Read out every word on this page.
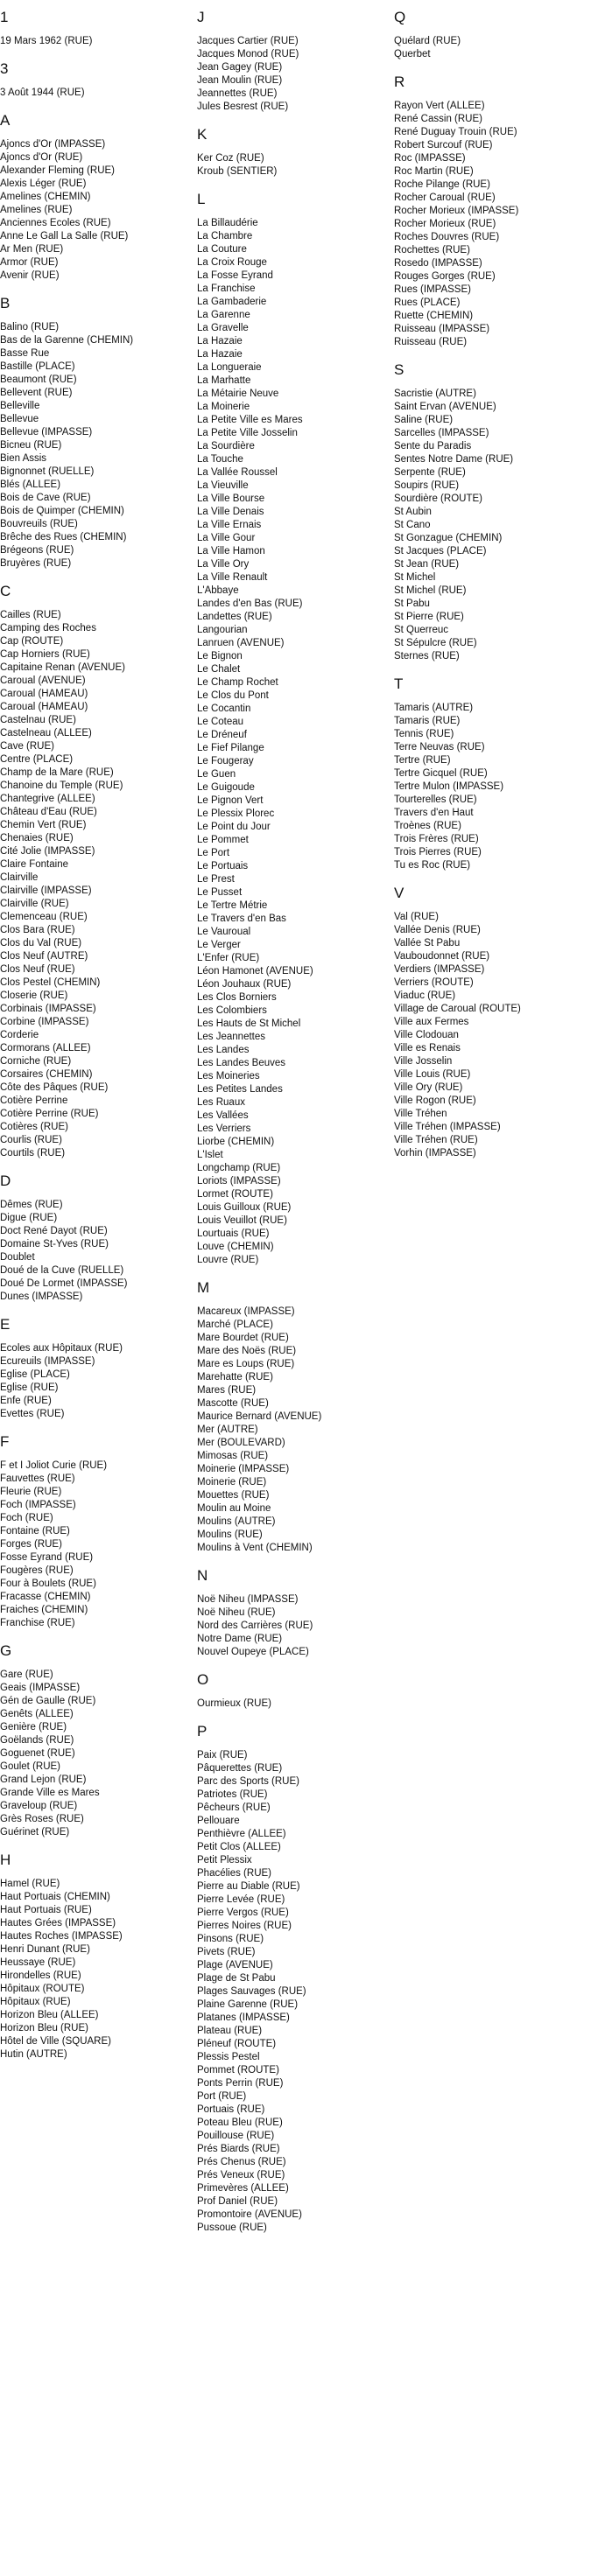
1
19 Mars 1962 (RUE)
3
3 Août 1944 (RUE)
A
Ajoncs d'Or (IMPASSE)
Ajoncs d'Or (RUE)
Alexander Fleming (RUE)
Alexis Léger (RUE)
Amelines (CHEMIN)
Amelines (RUE)
Anciennes Ecoles (RUE)
Anne Le Gall La Salle (RUE)
Ar Men (RUE)
Armor (RUE)
Avenir (RUE)
B
Balino (RUE)
Bas de la Garenne (CHEMIN)
Basse Rue
Bastille (PLACE)
Beaumont (RUE)
Bellevent (RUE)
Belleville
Bellevue
Bellevue (IMPASSE)
Bicneu (RUE)
Bien Assis
Bignonnet (RUELLE)
Blés (ALLEE)
Bois de Cave (RUE)
Bois de Quimper (CHEMIN)
Bouvreuils (RUE)
Brêche des Rues (CHEMIN)
Brégeons (RUE)
Bruyères (RUE)
C
Cailles (RUE)
Camping des Roches
Cap (ROUTE)
Cap Horniers (RUE)
Capitaine Renan (AVENUE)
Caroual (AVENUE)
Caroual (HAMEAU)
Caroual (HAMEAU)
Castelnau (RUE)
Castelneau (ALLEE)
Cave (RUE)
Centre (PLACE)
Champ de la Mare (RUE)
Chanoine du Temple (RUE)
Chantegrive (ALLEE)
Château d'Eau (RUE)
Chemin Vert (RUE)
Chenaies (RUE)
Cité Jolie (IMPASSE)
Claire Fontaine
Clairville
Clairville (IMPASSE)
Clairville (RUE)
Clemenceau (RUE)
Clos Bara (RUE)
Clos du Val (RUE)
Clos Neuf (AUTRE)
Clos Neuf (RUE)
Clos Pestel (CHEMIN)
Closerie (RUE)
Corbinais (IMPASSE)
Corbine (IMPASSE)
Corderie
Cormorans (ALLEE)
Corniche (RUE)
Corsaires (CHEMIN)
Côte des Pâques (RUE)
Cotière Perrine
Cotière Perrine (RUE)
Cotières (RUE)
Courlis (RUE)
Courtils (RUE)
D
Dêmes (RUE)
Digue (RUE)
Doct René Dayot (RUE)
Domaine St-Yves (RUE)
Doublet
Doué de la Cuve (RUELLE)
Doué De Lormet (IMPASSE)
Dunes (IMPASSE)
E
Ecoles aux Hôpitaux (RUE)
Ecureuils (IMPASSE)
Eglise (PLACE)
Eglise (RUE)
Enfe (RUE)
Evettes (RUE)
F
F et I Joliot Curie (RUE)
Fauvettes (RUE)
Fleurie (RUE)
Foch (IMPASSE)
Foch (RUE)
Fontaine (RUE)
Forges (RUE)
Fosse Eyrand (RUE)
Fougères (RUE)
Four à Boulets (RUE)
Fracasse (CHEMIN)
Fraiches (CHEMIN)
Franchise (RUE)
G
Gare (RUE)
Geais (IMPASSE)
Gén de Gaulle (RUE)
Genêts (ALLEE)
Genière (RUE)
Goëlands (RUE)
Goguenet (RUE)
Goulet (RUE)
Grand Lejon (RUE)
Grande Ville es Mares
Graveloup (RUE)
Grès Roses (RUE)
Guérinet (RUE)
H
Hamel (RUE)
Haut Portuais (CHEMIN)
Haut Portuais (RUE)
Hautes Grées (IMPASSE)
Hautes Roches (IMPASSE)
Henri Dunant (RUE)
Heussaye (RUE)
Hirondelles (RUE)
Hôpitaux (ROUTE)
Hôpitaux (RUE)
Horizon Bleu (ALLEE)
Horizon Bleu (RUE)
Hôtel de Ville (SQUARE)
Hutin (AUTRE)
J
Jacques Cartier (RUE)
Jacques Monod (RUE)
Jean Gagey (RUE)
Jean Moulin (RUE)
Jeannettes (RUE)
Jules Besrest (RUE)
K
Ker Coz (RUE)
Kroub (SENTIER)
L
La Billaudérie
La Chambre
La Couture
La Croix Rouge
La Fosse Eyrand
La Franchise
La Gambaderie
La Garenne
La Gravelle
La Hazaie
La Hazaie
La Longueraie
La Marhatte
La Métairie Neuve
La Moinerie
La Petite Ville es Mares
La Petite Ville Josselin
La Sourdière
La Touche
La Vallée Roussel
La Vieuville
La Ville Bourse
La Ville Denais
La Ville Ernais
La Ville Gour
La Ville Hamon
La Ville Ory
La Ville Renault
L'Abbaye
Landes d'en Bas (RUE)
Landettes (RUE)
Langourian
Lanruen (AVENUE)
Le Bignon
Le Chalet
Le Champ Rochet
Le Clos du Pont
Le Cocantin
Le Coteau
Le Dréneuf
Le Fief Pilange
Le Fougeray
Le Guen
Le Guigoude
Le Pignon Vert
Le Plessix Plorec
Le Point du Jour
Le Pommet
Le Port
Le Portuais
Le Prest
Le Pusset
Le Tertre Métrie
Le Travers d'en Bas
Le Vauroual
Le Verger
L'Enfer (RUE)
Léon Hamonet (AVENUE)
Léon Jouhaux (RUE)
Les Clos Borniers
Les Colombiers
Les Hauts de St Michel
Les Jeannettes
Les Landes
Les Landes Beuves
Les Moineries
Les Petites Landes
Les Ruaux
Les Vallées
Les Verriers
Liorbe (CHEMIN)
L'Islet
Longchamp (RUE)
Loriots (IMPASSE)
Lormet (ROUTE)
Louis Guilloux (RUE)
Louis Veuillot (RUE)
Lourtuais (RUE)
Louve (CHEMIN)
Louvre (RUE)
M
Macareux (IMPASSE)
Marché (PLACE)
Mare Bourdet (RUE)
Mare des Noës (RUE)
Mare es Loups (RUE)
Marehatte (RUE)
Mares (RUE)
Mascotte (RUE)
Maurice Bernard (AVENUE)
Mer (AUTRE)
Mer (BOULEVARD)
Mimosas (RUE)
Moinerie (IMPASSE)
Moinerie (RUE)
Mouettes (RUE)
Moulin au Moine
Moulins (AUTRE)
Moulins (RUE)
Moulins à Vent (CHEMIN)
N
Noë Niheu (IMPASSE)
Noë Niheu (RUE)
Nord des Carrières (RUE)
Notre Dame (RUE)
Nouvel Oupeye (PLACE)
O
Ourmieux (RUE)
P
Paix (RUE)
Pâquerettes (RUE)
Parc des Sports (RUE)
Patriotes (RUE)
Pêcheurs (RUE)
Pellouare
Penthièvre (ALLEE)
Petit Clos (ALLEE)
Petit Plessix
Phacélies (RUE)
Pierre au Diable (RUE)
Pierre Levée (RUE)
Pierre Vergos (RUE)
Pierres Noires (RUE)
Pinsons (RUE)
Pivets (RUE)
Plage (AVENUE)
Plage de St Pabu
Plages Sauvages (RUE)
Plaine Garenne (RUE)
Platanes (IMPASSE)
Plateau (RUE)
Pléneuf (ROUTE)
Plessis Pestel
Pommet (ROUTE)
Ponts Perrin (RUE)
Port (RUE)
Portuais (RUE)
Poteau Bleu (RUE)
Pouillouse (RUE)
Prés Biards (RUE)
Prés Chenus (RUE)
Prés Veneux (RUE)
Primevères (ALLEE)
Prof Daniel (RUE)
Promontoire (AVENUE)
Pussoue (RUE)
Q
Quélard (RUE)
Querbet
R
Rayon Vert (ALLEE)
René Cassin (RUE)
René Duguay Trouin (RUE)
Robert Surcouf (RUE)
Roc (IMPASSE)
Roc Martin (RUE)
Roche Pilange (RUE)
Rocher Caroual (RUE)
Rocher Morieux (IMPASSE)
Rocher Morieux (RUE)
Roches Douvres (RUE)
Rochettes (RUE)
Rosedo (IMPASSE)
Rouges Gorges (RUE)
Rues (IMPASSE)
Rues (PLACE)
Ruette (CHEMIN)
Ruisseau (IMPASSE)
Ruisseau (RUE)
S
Sacristie (AUTRE)
Saint Ervan (AVENUE)
Saline (RUE)
Sarcelles (IMPASSE)
Sente du Paradis
Sentes Notre Dame (RUE)
Serpente (RUE)
Soupirs (RUE)
Sourdière (ROUTE)
St Aubin
St Cano
St Gonzague (CHEMIN)
St Jacques (PLACE)
St Jean (RUE)
St Michel
St Michel (RUE)
St Pabu
St Pierre (RUE)
St Querreuc
St Sépulcre (RUE)
Sternes (RUE)
T
Tamaris (AUTRE)
Tamaris (RUE)
Tennis (RUE)
Terre Neuvas (RUE)
Tertre (RUE)
Tertre Gicquel (RUE)
Tertre Mulon (IMPASSE)
Tourterelles (RUE)
Travers d'en Haut
Troènes (RUE)
Trois Frères (RUE)
Trois Pierres (RUE)
Tu es Roc (RUE)
V
Val (RUE)
Vallée Denis (RUE)
Vallée St Pabu
Vauboudonnet (RUE)
Verdiers (IMPASSE)
Verriers (ROUTE)
Viaduc (RUE)
Village de Caroual (ROUTE)
Ville aux Fermes
Ville Clodouan
Ville es Renais
Ville Josselin
Ville Louis (RUE)
Ville Ory (RUE)
Ville Rogon (RUE)
Ville Tréhen
Ville Tréhen (IMPASSE)
Ville Tréhen (RUE)
Vorhin (IMPASSE)
